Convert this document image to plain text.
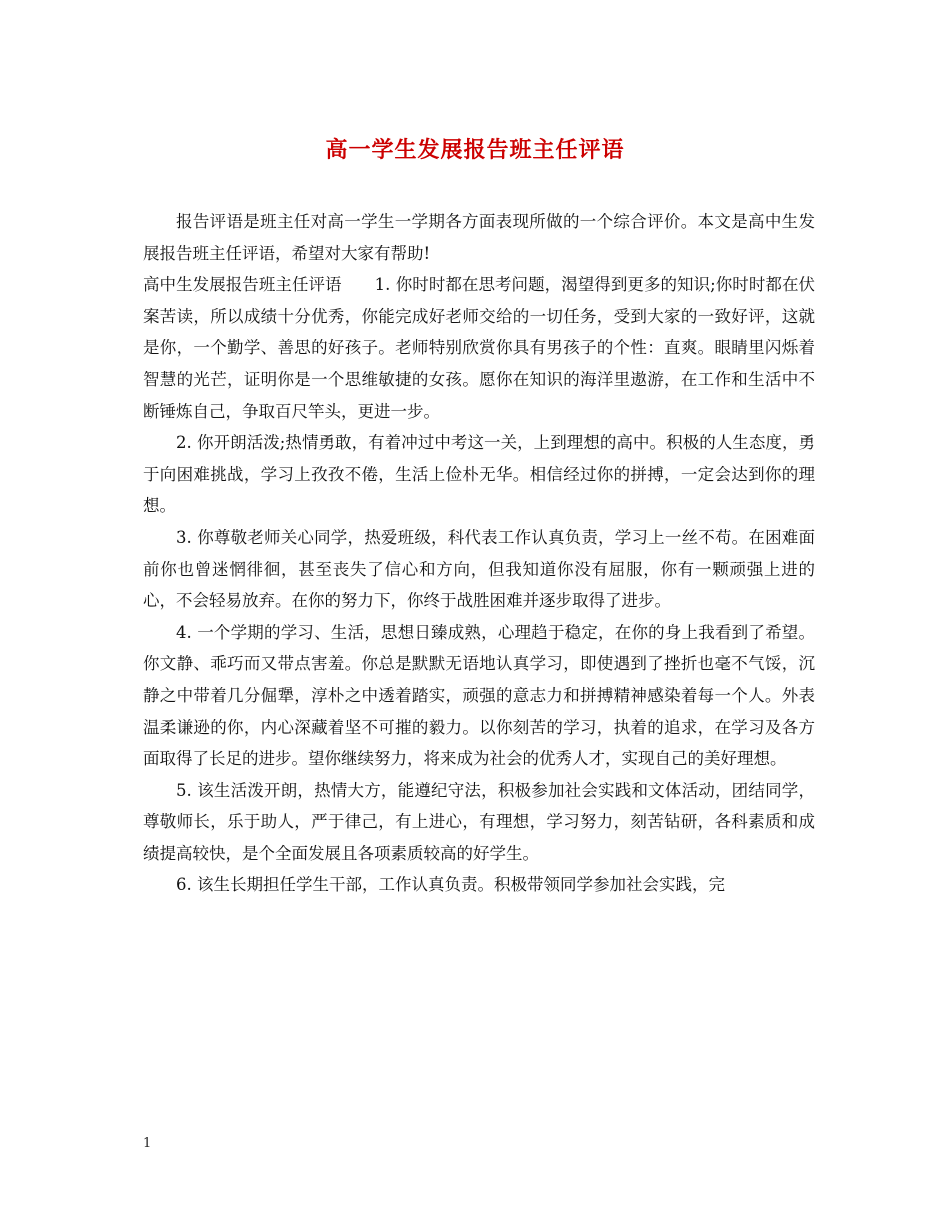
高一学生发展报告班主任评语

报告评语是班主任对高一学生一学期各方面表现所做的一个综合评价。本文是高中生发展报告班主任评语，希望对大家有帮助!

高中生发展报告班主任评语　　1. 你时时都在思考问题，渴望得到更多的知识;你时时都在伏案苦读，所以成绩十分优秀，你能完成好老师交给的一切任务，受到大家的一致好评，这就是你，一个勤学、善思的好孩子。老师特别欣赏你具有男孩子的个性：直爽。眼睛里闪烁着智慧的光芒，证明你是一个思维敏捷的女孩。愿你在知识的海洋里遨游，在工作和生活中不断锤炼自己，争取百尺竿头，更进一步。

2. 你开朗活泼;热情勇敢，有着冲过中考这一关，上到理想的高中。积极的人生态度，勇于向困难挑战，学习上孜孜不倦，生活上俭朴无华。相信经过你的拼搏，一定会达到你的理想。

3. 你尊敬老师关心同学，热爱班级，科代表工作认真负责，学习上一丝不苟。在困难面前你也曾迷惘徘徊，甚至丧失了信心和方向，但我知道你没有屈服，你有一颗顽强上进的心，不会轻易放弃。在你的努力下，你终于战胜困难并逐步取得了进步。

4. 一个学期的学习、生活，思想日臻成熟，心理趋于稳定，在你的身上我看到了希望。你文静、乖巧而又带点害羞。你总是默默无语地认真学习，即使遇到了挫折也毫不气馁，沉静之中带着几分倔犟，淳朴之中透着踏实，顽强的意志力和拼搏精神感染着每一个人。外表温柔谦逊的你，内心深藏着坚不可摧的毅力。以你刻苦的学习，执着的追求，在学习及各方面取得了长足的进步。望你继续努力，将来成为社会的优秀人才，实现自己的美好理想。

5. 该生活泼开朗，热情大方，能遵纪守法，积极参加社会实践和文体活动，团结同学，尊敬师长，乐于助人，严于律己，有上进心，有理想，学习努力，刻苦钻研，各科素质和成绩提高较快，是个全面发展且各项素质较高的好学生。

6. 该生长期担任学生干部，工作认真负责。积极带领同学参加社会实践，完

1
